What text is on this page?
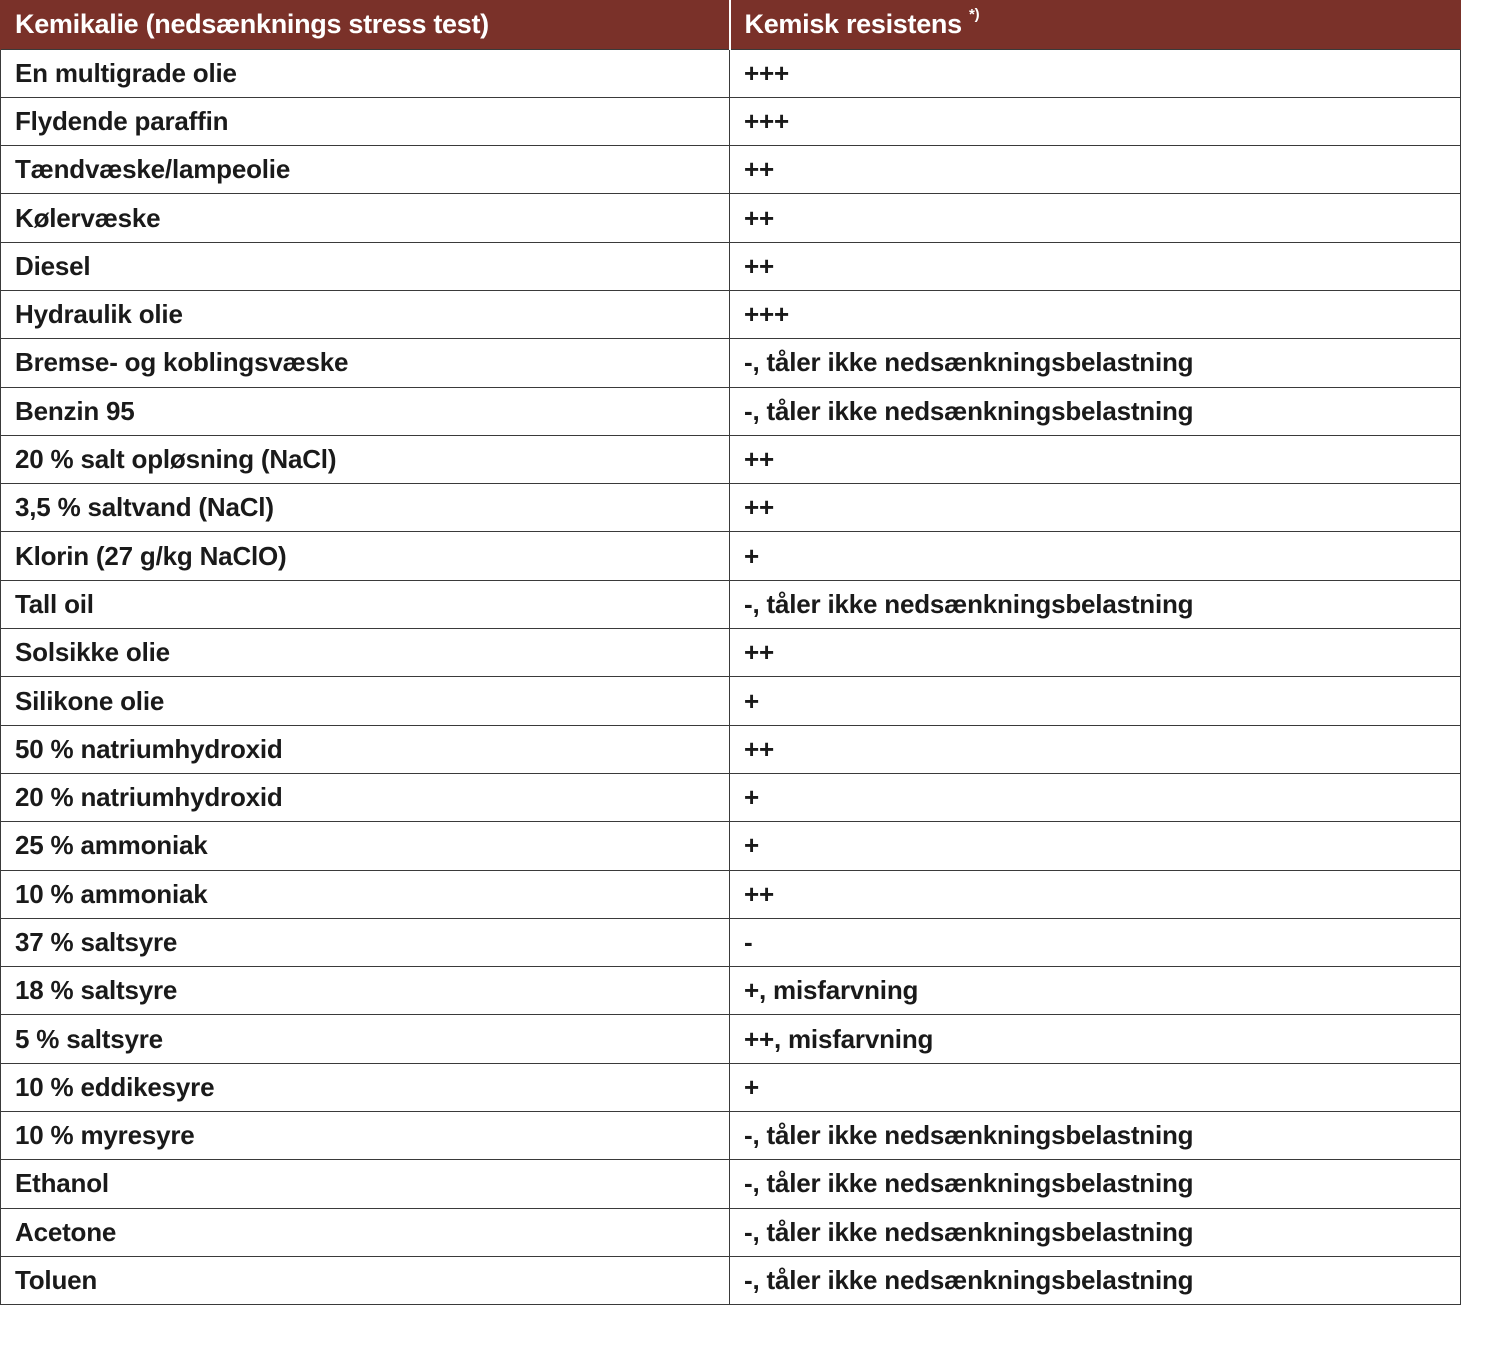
Kemikalie (nedsænknings stress test)	Kemisk resistens *)
En multigrade olie	+++
Flydende paraffin	+++
Tændvæske/lampeolie	++
Kølervæske	++
Diesel	++
Hydraulik olie	+++
Bremse- og koblingsvæske	-, tåler ikke nedsænkningsbelastning
Benzin 95	-, tåler ikke nedsænkningsbelastning
20 % salt opløsning (NaCl)	++
3,5 % saltvand (NaCl)	++
Klorin (27 g/kg NaClO)	+
Tall oil	-, tåler ikke nedsænkningsbelastning
Solsikke olie	++
Silikone olie	+
50 % natriumhydroxid	++
20 % natriumhydroxid	+
25 % ammoniak	+
10 % ammoniak	++
37 % saltsyre	-
18 % saltsyre	+, misfarvning
5 % saltsyre	++, misfarvning
10 % eddikesyre	+
10 % myresyre	-, tåler ikke nedsænkningsbelastning
Ethanol	-, tåler ikke nedsænkningsbelastning
Acetone	-, tåler ikke nedsænkningsbelastning
Toluen	-, tåler ikke nedsænkningsbelastning
